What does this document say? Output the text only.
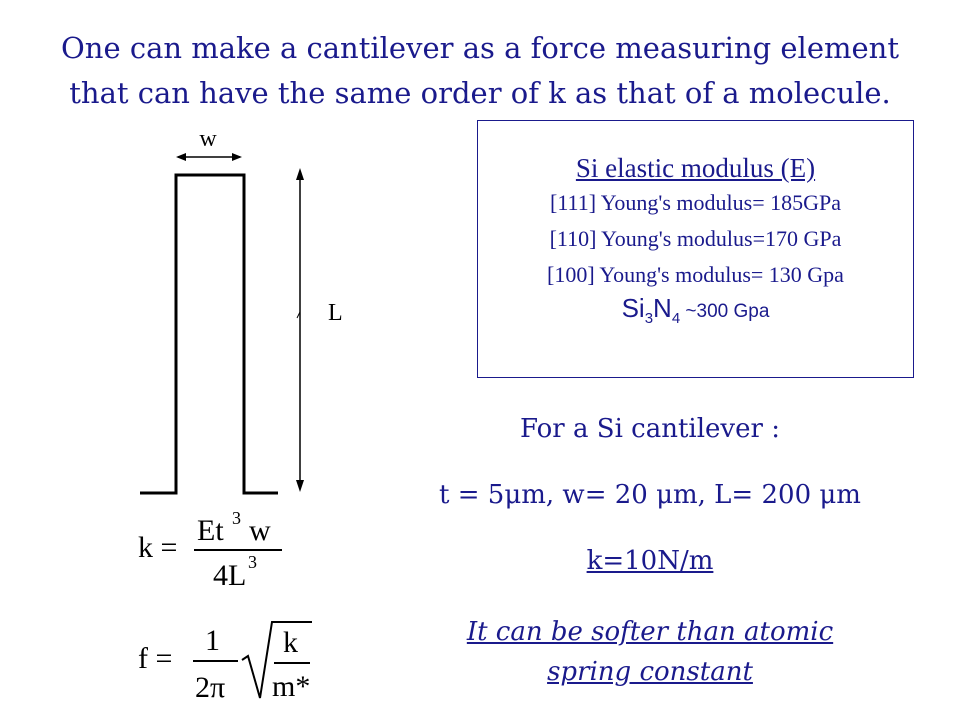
One can make a cantilever as a force measuring element
that can have the same order of k as that of a molecule.
w
L
k =
Et 3 w
4L 3
f =
1
2π
k
m*
Si elastic modulus (E)
[111] Young's modulus= 185GPa
[110] Young's modulus=170 GPa
[100] Young's modulus= 130 Gpa
$Si_3N_4$ ~300 Gpa
For a Si cantilever :
t = 5μm, w= 20 μm, L= 200 μm
k=10N/m
It can be softer than atomic
spring constant
